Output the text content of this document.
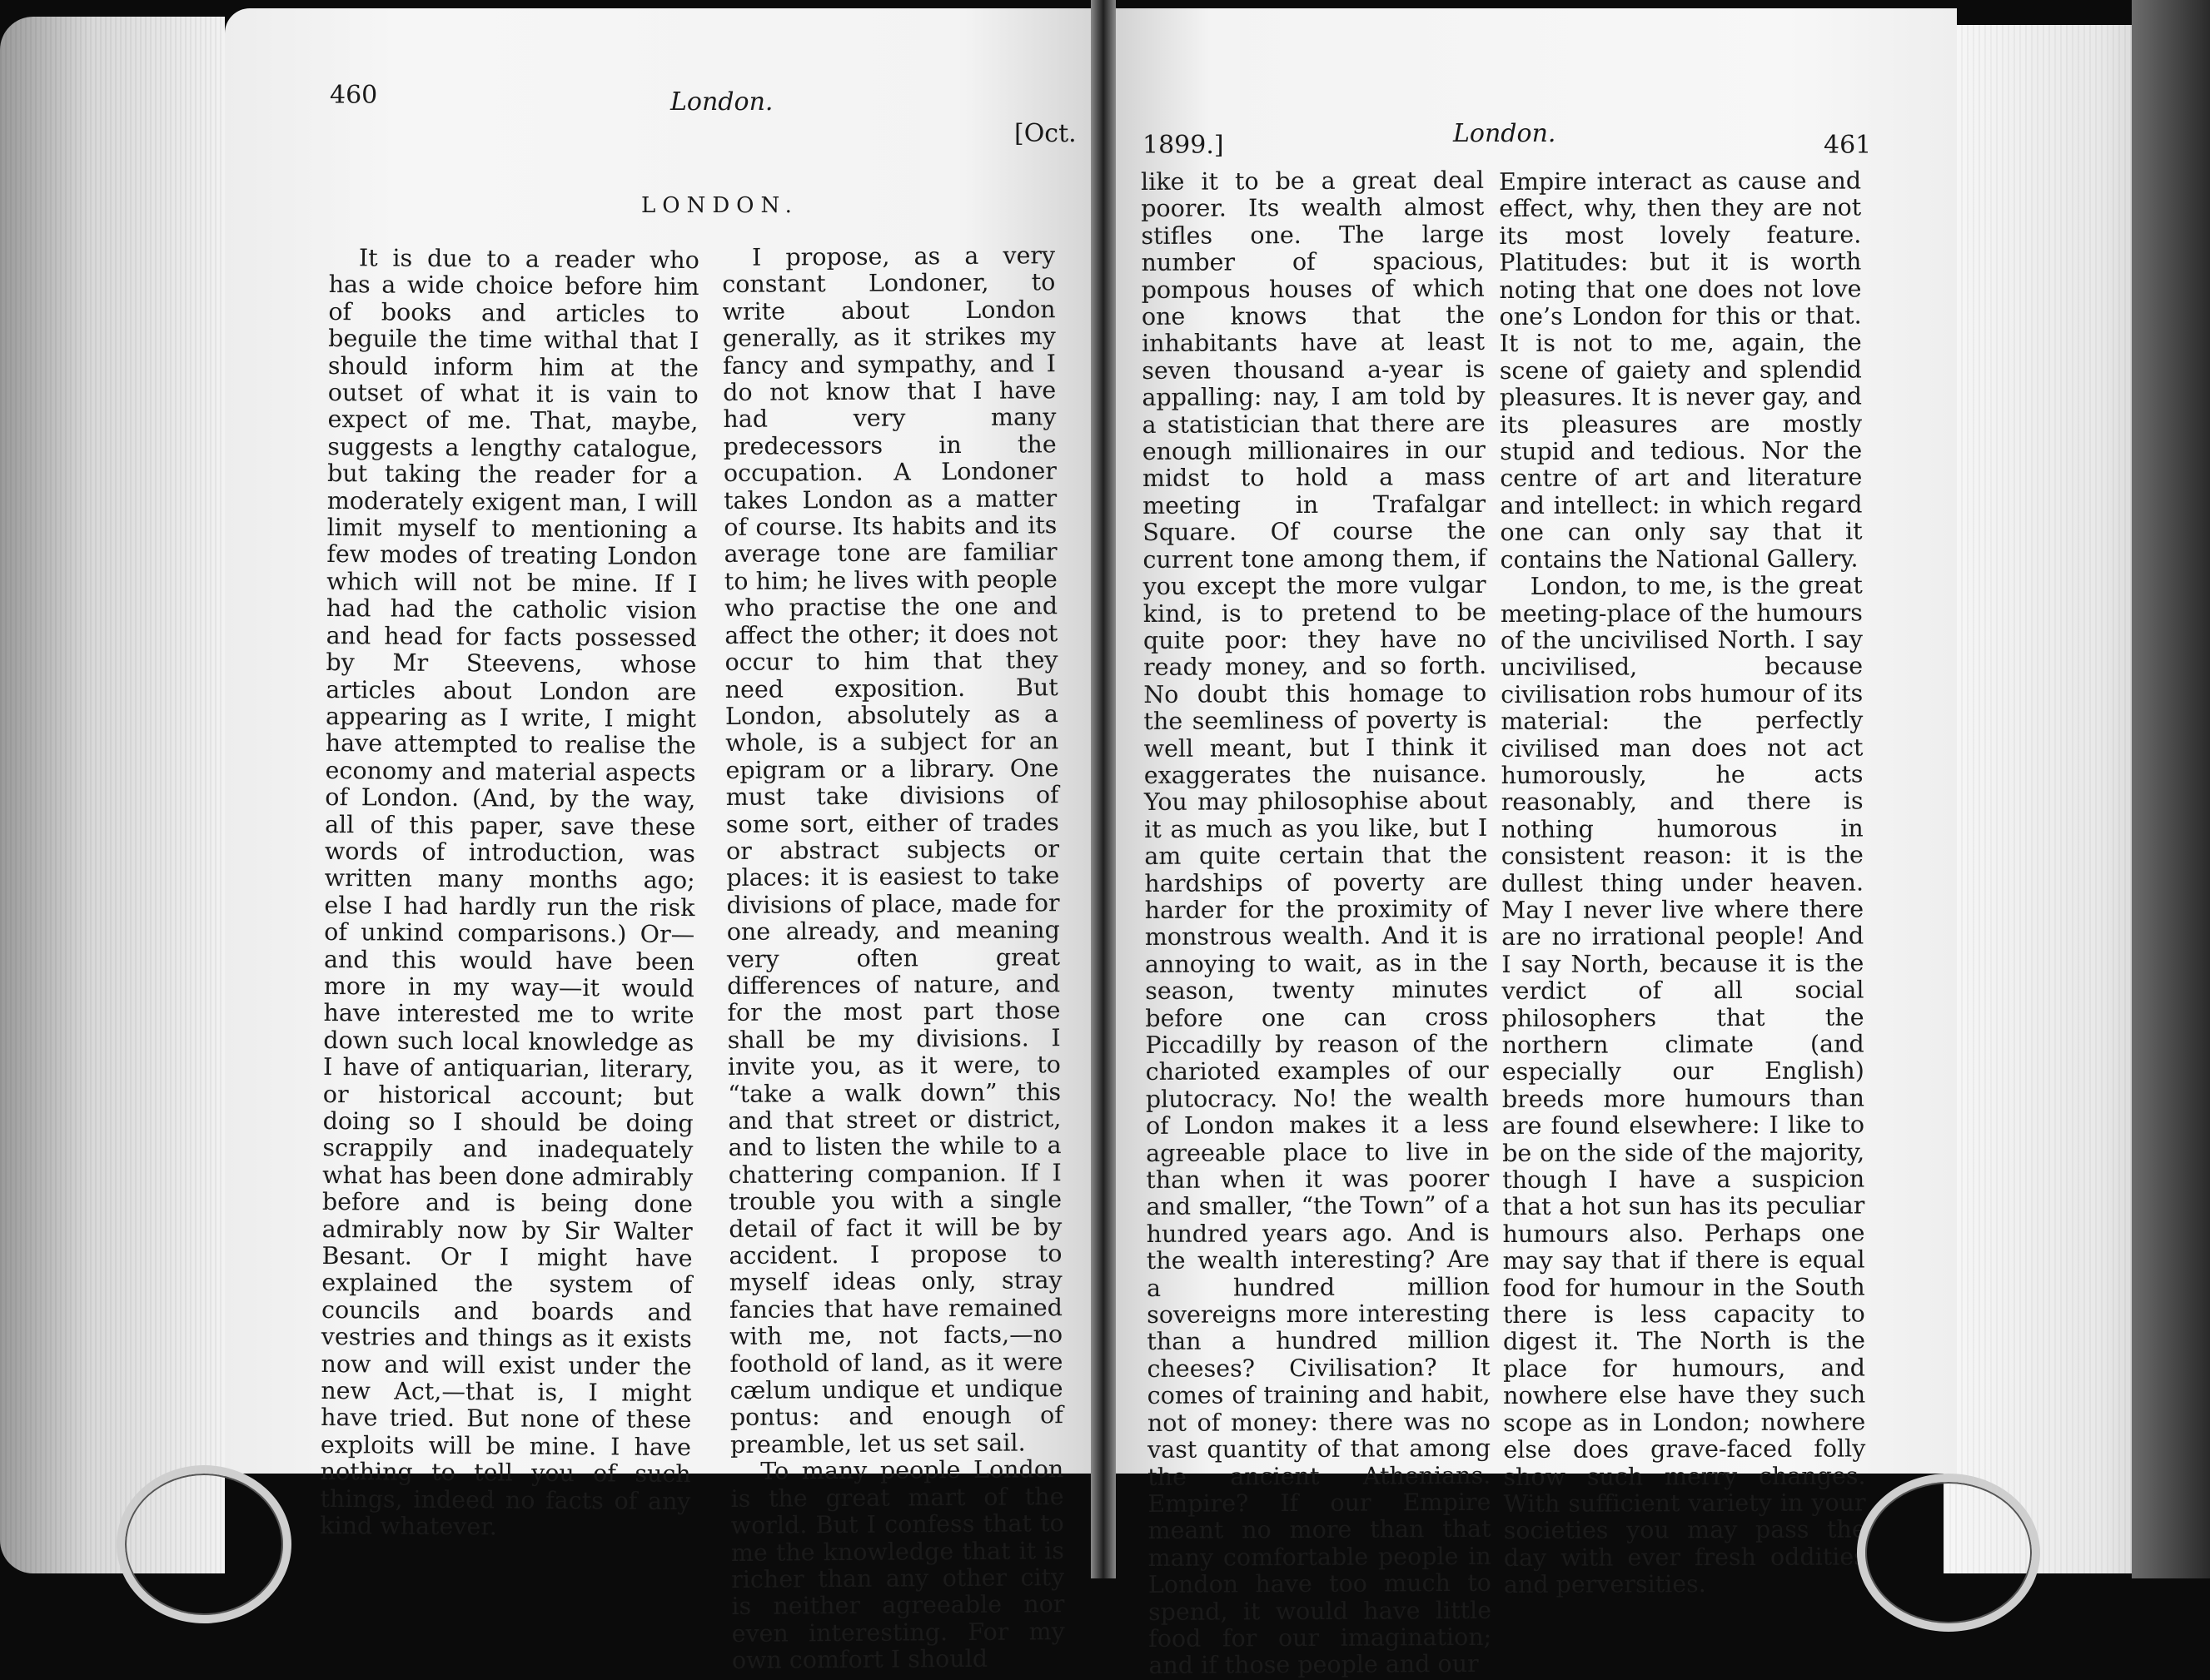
460	London.
[Oct.
LONDON.

It is due to a reader who has a wide choice before him of books and articles to beguile the time withal that I should inform him at the outset of what it is vain to expect of me. That, maybe, suggests a lengthy catalogue, but taking the reader for a moderately exigent man, I will limit myself to mentioning a few modes of treating London which will not be mine. If I had had the catholic vision and head for facts possessed by Mr Steevens, whose articles about London are appearing as I write, I might have attempted to realise the economy and material aspects of London. (And, by the way, all of this paper, save these words of introduction, was written many months ago; else I had hardly run the risk of unkind comparisons.) Or—and this would have been more in my way—it would have interested me to write down such local knowledge as I have of antiquarian, literary, or historical account; but doing so I should be doing scrappily and inadequately what has been done admirably before and is being done admirably now by Sir Walter Besant. Or I might have explained the system of councils and boards and vestries and things as it exists now and will exist under the new Act,—that is, I might have tried. But none of these exploits will be mine. I have nothing to tell you of such things, indeed no facts of any kind whatever.

I propose, as a very constant Londoner, to write about London generally, as it strikes my fancy and sympathy, and I do not know that I have had very many predecessors in the occupation. A Londoner takes London as a matter of course. Its habits and its average tone are familiar to him; he lives with people who practise the one and affect the other; it does not occur to him that they need exposition. But London, absolutely as a whole, is a subject for an epigram or a library. One must take divisions of some sort, either of trades or abstract subjects or places: it is easiest to take divisions of place, made for one already, and meaning very often great differences of nature, and for the most part those shall be my divisions. I invite you, as it were, to “take a walk down” this and that street or district, and to listen the while to a chattering companion. If I trouble you with a single detail of fact it will be by accident. I propose to myself ideas only, stray fancies that have remained with me, not facts,—no foothold of land, as it were cælum undique et undique pontus: and enough of preamble, let us set sail.

To many people London is the great mart of the world. But I confess that to me the knowledge that it is richer than any other city is neither agreeable nor even interesting. For my own comfort I should

1899.]	London.	461

like it to be a great deal poorer. Its wealth almost stifles one. The large number of spacious, pompous houses of which one knows that the inhabitants have at least seven thousand a-year is appalling: nay, I am told by a statistician that there are enough millionaires in our midst to hold a mass meeting in Trafalgar Square. Of course the current tone among them, if you except the more vulgar kind, is to pretend to be quite poor: they have no ready money, and so forth. No doubt this homage to the seemliness of poverty is well meant, but I think it exaggerates the nuisance. You may philosophise about it as much as you like, but I am quite certain that the hardships of poverty are harder for the proximity of monstrous wealth. And it is annoying to wait, as in the season, twenty minutes before one can cross Piccadilly by reason of the charioted examples of our plutocracy. No! the wealth of London makes it a less agreeable place to live in than when it was poorer and smaller, “the Town” of a hundred years ago. And is the wealth interesting? Are a hundred million sovereigns more interesting than a hundred million cheeses? Civilisation? It comes of training and habit, not of money: there was no vast quantity of that among the ancient Athenians. Empire? If our Empire meant no more than that many comfortable people in London have too much to spend, it would have little food for our imagination; and if those people and our

Empire interact as cause and effect, why, then they are not its most lovely feature. Platitudes: but it is worth noting that one does not love one’s London for this or that. It is not to me, again, the scene of gaiety and splendid pleasures. It is never gay, and its pleasures are mostly stupid and tedious. Nor the centre of art and literature and intellect: in which regard one can only say that it contains the National Gallery.

London, to me, is the great meeting-place of the humours of the uncivilised North. I say uncivilised, because civilisation robs humour of its material: the perfectly civilised man does not act humorously, he acts reasonably, and there is nothing humorous in consistent reason: it is the dullest thing under heaven. May I never live where there are no irrational people! And I say North, because it is the verdict of all social philosophers that the northern climate (and especially our English) breeds more humours than are found elsewhere: I like to be on the side of the majority, though I have a suspicion that a hot sun has its peculiar humours also. Perhaps one may say that if there is equal food for humour in the South there is less capacity to digest it. The North is the place for humours, and nowhere else have they such scope as in London; nowhere else does grave-faced folly show such merry changes. With sufficient variety in your societies you may pass the day with ever fresh oddities and perversities.
